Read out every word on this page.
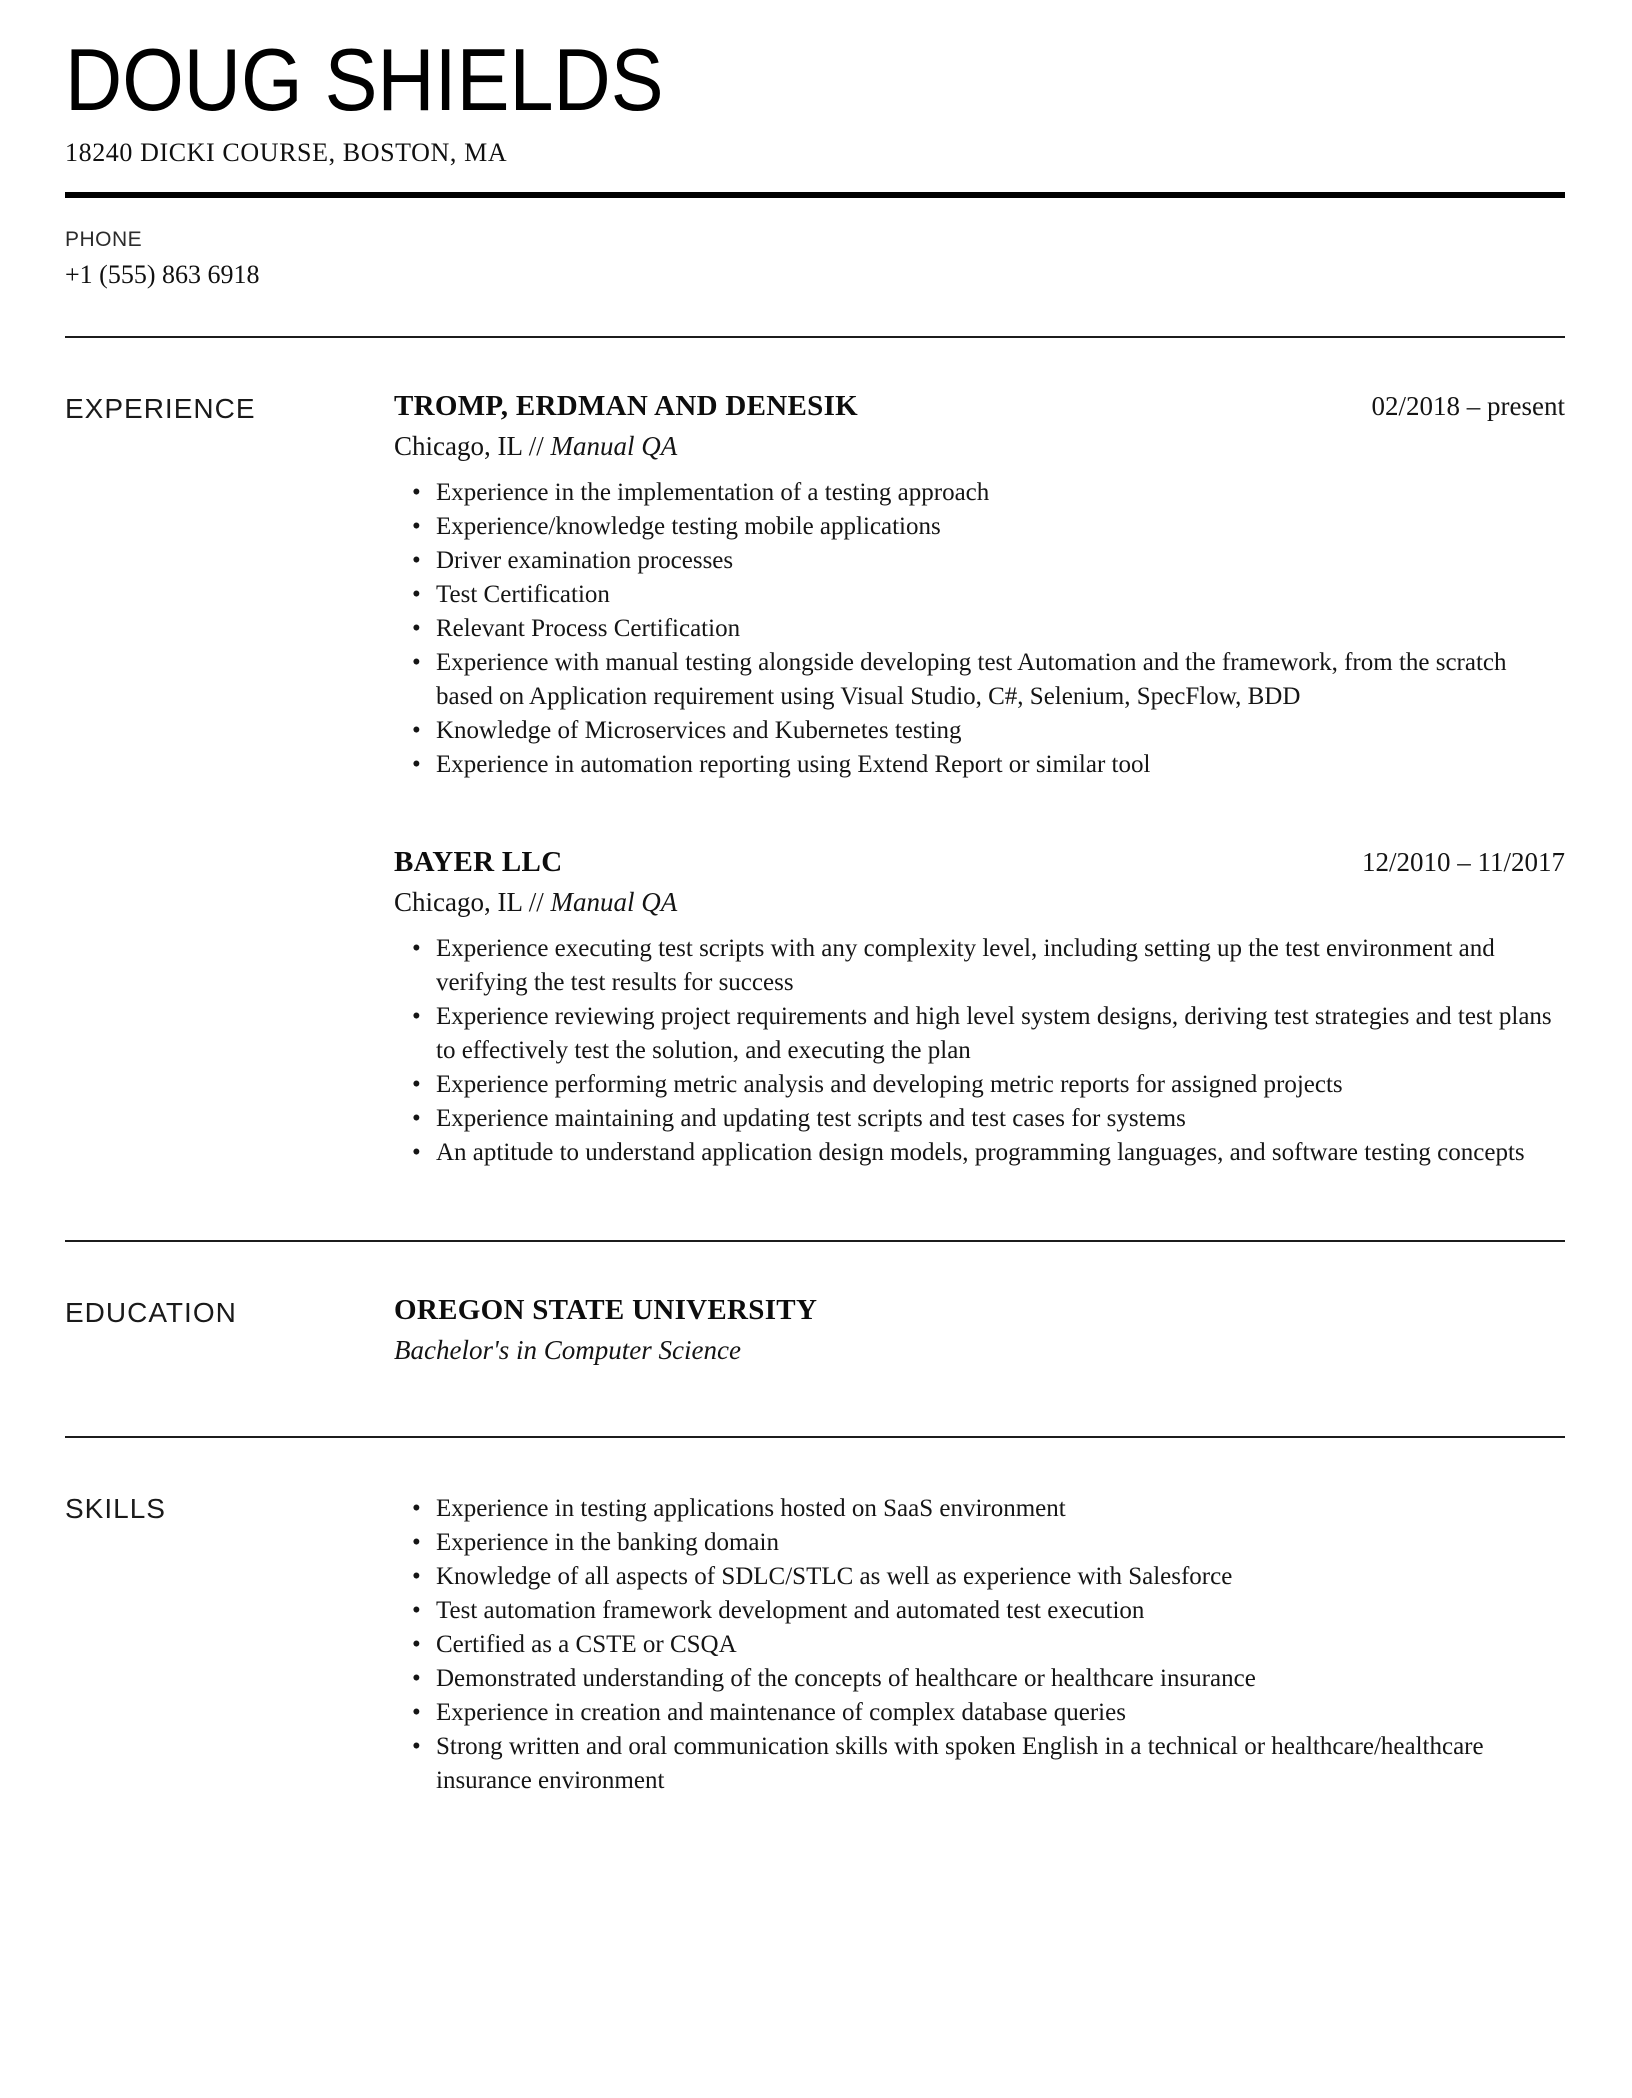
DOUG SHIELDS
18240 DICKI COURSE, BOSTON, MA
PHONE
+1 (555) 863 6918
EXPERIENCE	TROMP, ERDMAN AND DENESIK	02/2018 – present
Chicago, IL // Manual QA
• Experience in the implementation of a testing approach
• Experience/knowledge testing mobile applications
• Driver examination processes
• Test Certification
• Relevant Process Certification
• Experience with manual testing alongside developing test Automation and the framework, from the scratch based on Application requirement using Visual Studio, C#, Selenium, SpecFlow, BDD
• Knowledge of Microservices and Kubernetes testing
• Experience in automation reporting using Extend Report or similar tool
BAYER LLC	12/2010 – 11/2017
Chicago, IL // Manual QA
• Experience executing test scripts with any complexity level, including setting up the test environment and verifying the test results for success
• Experience reviewing project requirements and high level system designs, deriving test strategies and test plans to effectively test the solution, and executing the plan
• Experience performing metric analysis and developing metric reports for assigned projects
• Experience maintaining and updating test scripts and test cases for systems
• An aptitude to understand application design models, programming languages, and software testing concepts
EDUCATION	OREGON STATE UNIVERSITY
Bachelor's in Computer Science
SKILLS	• Experience in testing applications hosted on SaaS environment
• Experience in the banking domain
• Knowledge of all aspects of SDLC/STLC as well as experience with Salesforce
• Test automation framework development and automated test execution
• Certified as a CSTE or CSQA
• Demonstrated understanding of the concepts of healthcare or healthcare insurance
• Experience in creation and maintenance of complex database queries
• Strong written and oral communication skills with spoken English in a technical or healthcare/healthcare insurance environment
